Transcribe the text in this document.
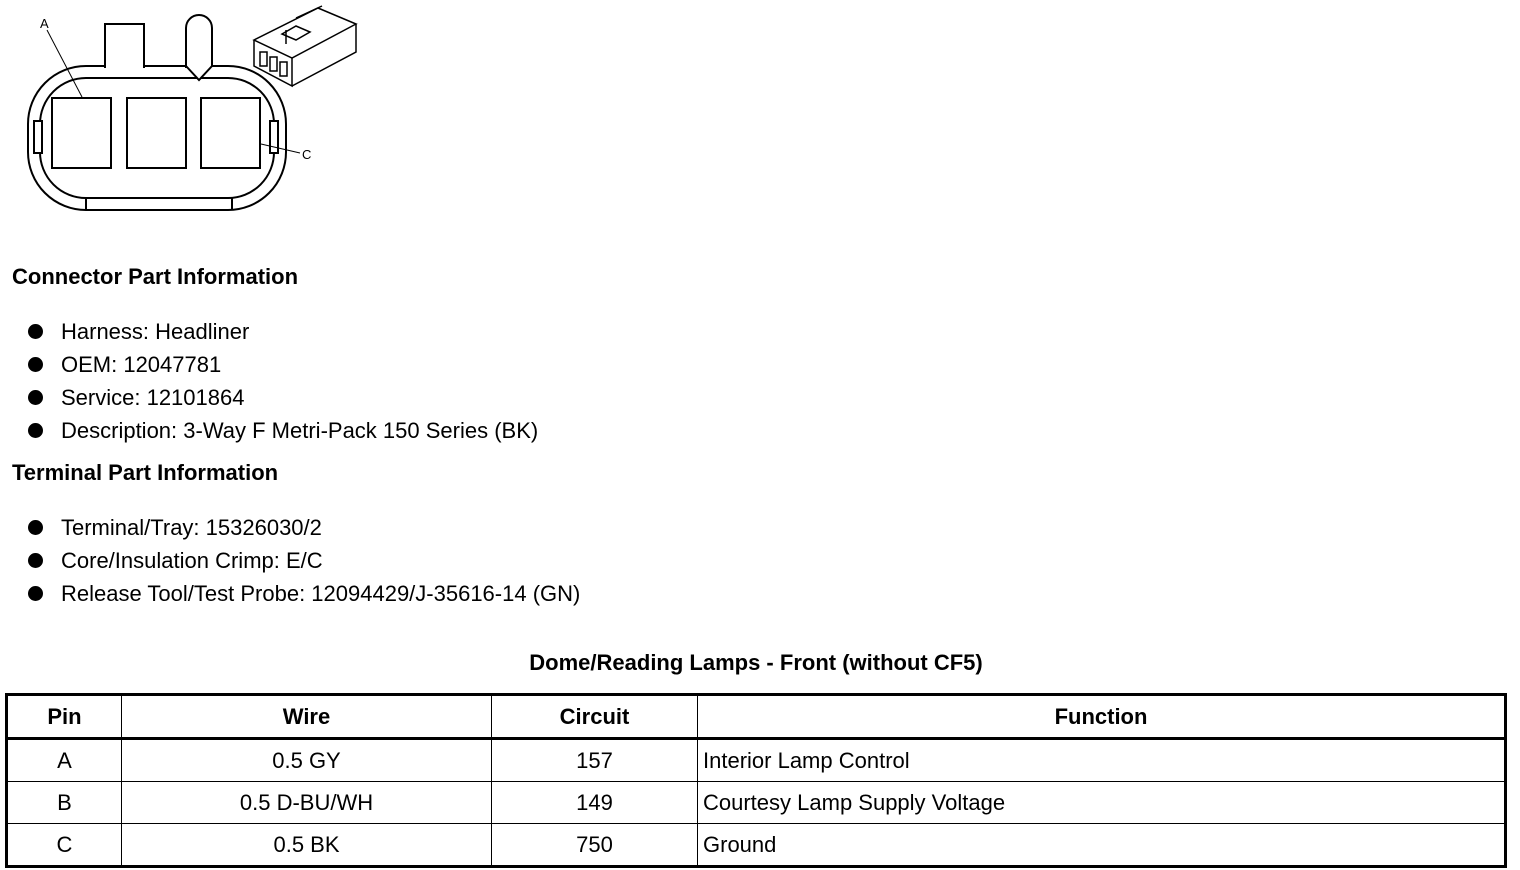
A
C
Connector Part Information
Harness: Headliner
OEM: 12047781
Service: 12101864
Description: 3-Way F Metri-Pack 150 Series (BK)
Terminal Part Information
Terminal/Tray: 15326030/2
Core/Insulation Crimp: E/C
Release Tool/Test Probe: 12094429/J-35616-14 (GN)
Dome/Reading Lamps - Front (without CF5)
Pin	Wire	Circuit	Function
A	0.5 GY	157	Interior Lamp Control
B	0.5 D-BU/WH	149	Courtesy Lamp Supply Voltage
C	0.5 BK	750	Ground
